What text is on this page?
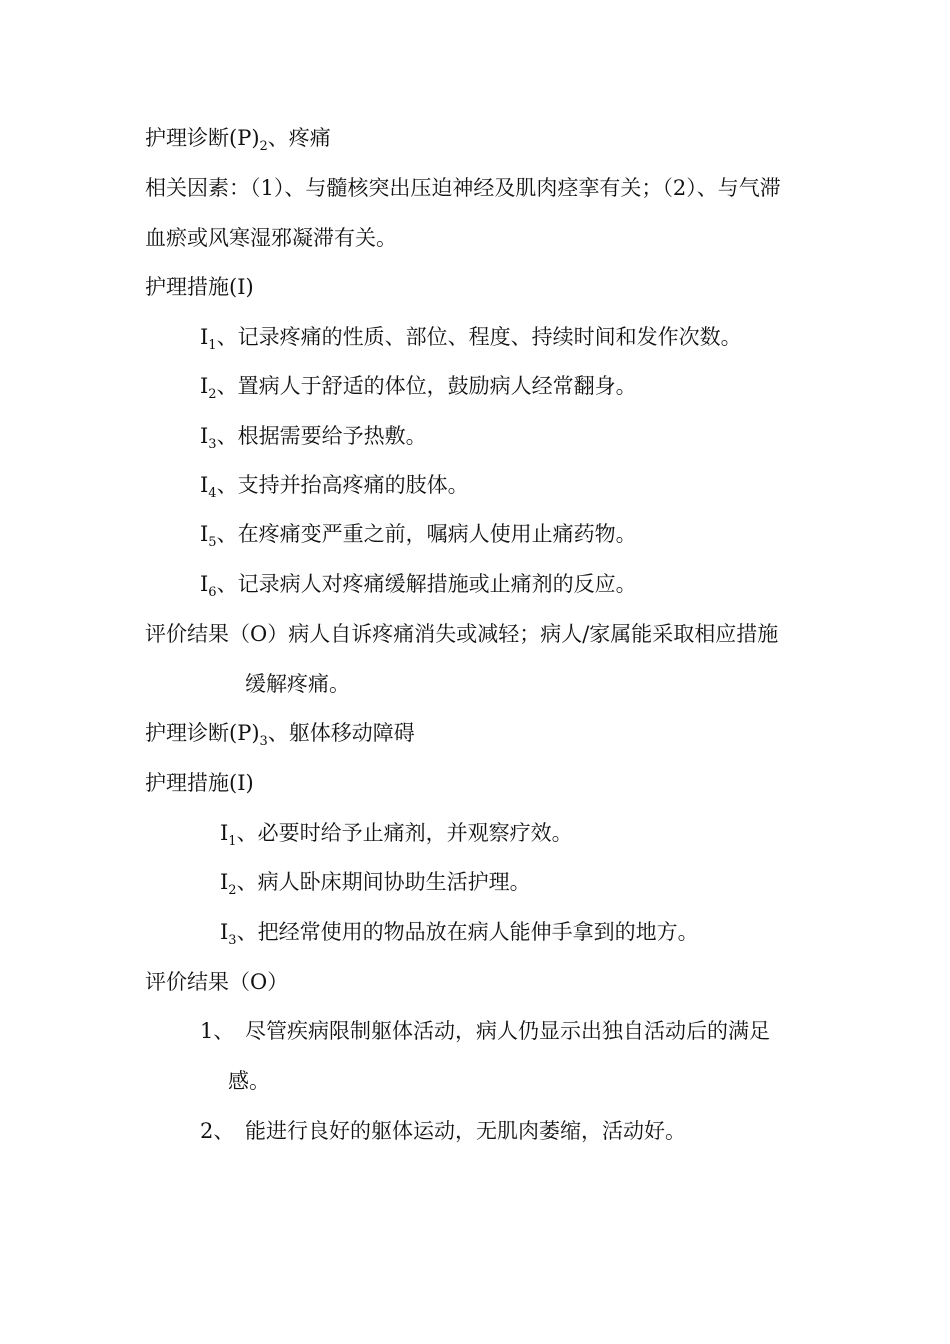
护理诊断$(P)_2$、疼痛
相关因素：（1）、与髓核突出压迫神经及肌肉痉挛有关；（2）、与气滞
血瘀或风寒湿邪凝滞有关。
护理措施(I)
$I_1$、记录疼痛的性质、部位、程度、持续时间和发作次数。
$I_2$、置病人于舒适的体位，鼓励病人经常翻身。
$I_3$、根据需要给予热敷。
$I_4$、支持并抬高疼痛的肢体。
$I_5$、在疼痛变严重之前，嘱病人使用止痛药物。
$I_6$、记录病人对疼痛缓解措施或止痛剂的反应。
评价结果（O）病人自诉疼痛消失或减轻；病人/家属能采取相应措施
缓解疼痛。
护理诊断$(P)_3$、躯体移动障碍
护理措施(I)
$I_1$、必要时给予止痛剂，并观察疗效。
$I_2$、病人卧床期间协助生活护理。
$I_3$、把经常使用的物品放在病人能伸手拿到的地方。
评价结果（O）
1、 尽管疾病限制躯体活动，病人仍显示出独自活动后的满足
感。
2、 能进行良好的躯体运动，无肌肉萎缩，活动好。
